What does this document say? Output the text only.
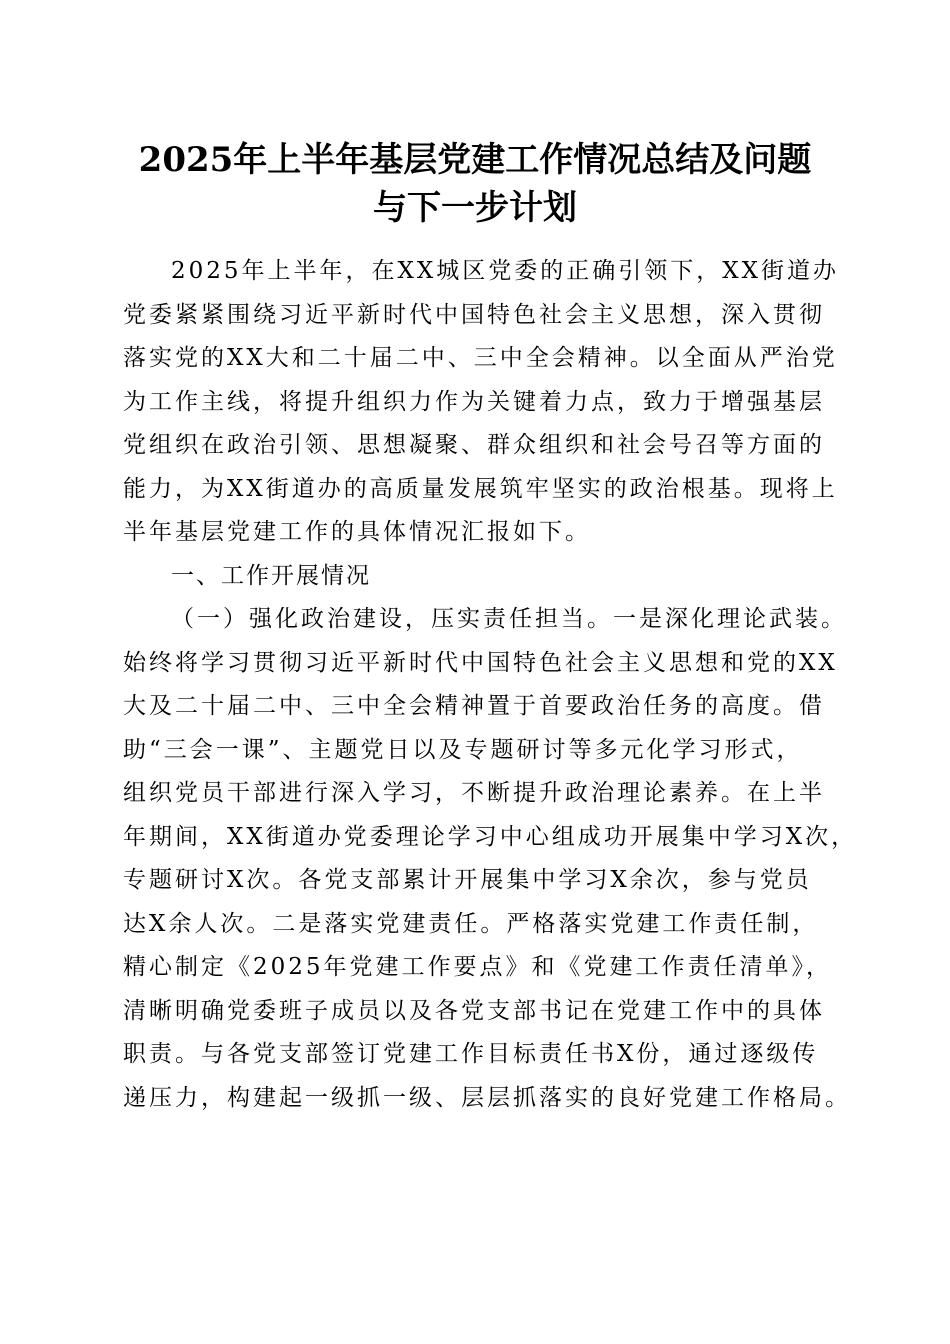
2025年上半年基层党建工作情况总结及问题
与下一步计划
2025年上半年，在XX城区党委的正确引领下，XX街道办
党委紧紧围绕习近平新时代中国特色社会主义思想，深入贯彻
落实党的XX大和二十届二中、三中全会精神。以全面从严治党
为工作主线，将提升组织力作为关键着力点，致力于增强基层
党组织在政治引领、思想凝聚、群众组织和社会号召等方面的
能力，为XX街道办的高质量发展筑牢坚实的政治根基。现将上
半年基层党建工作的具体情况汇报如下。
一、工作开展情况
（一）强化政治建设，压实责任担当。一是深化理论武装。
始终将学习贯彻习近平新时代中国特色社会主义思想和党的XX
大及二十届二中、三中全会精神置于首要政治任务的高度。借
助“三会一课”、主题党日以及专题研讨等多元化学习形式，
组织党员干部进行深入学习，不断提升政治理论素养。在上半
年期间，XX街道办党委理论学习中心组成功开展集中学习X次，
专题研讨X次。各党支部累计开展集中学习X余次，参与党员
达X余人次。二是落实党建责任。严格落实党建工作责任制，
精心制定《2025年党建工作要点》和《党建工作责任清单》，
清晰明确党委班子成员以及各党支部书记在党建工作中的具体
职责。与各党支部签订党建工作目标责任书X份，通过逐级传
递压力，构建起一级抓一级、层层抓落实的良好党建工作格局。
